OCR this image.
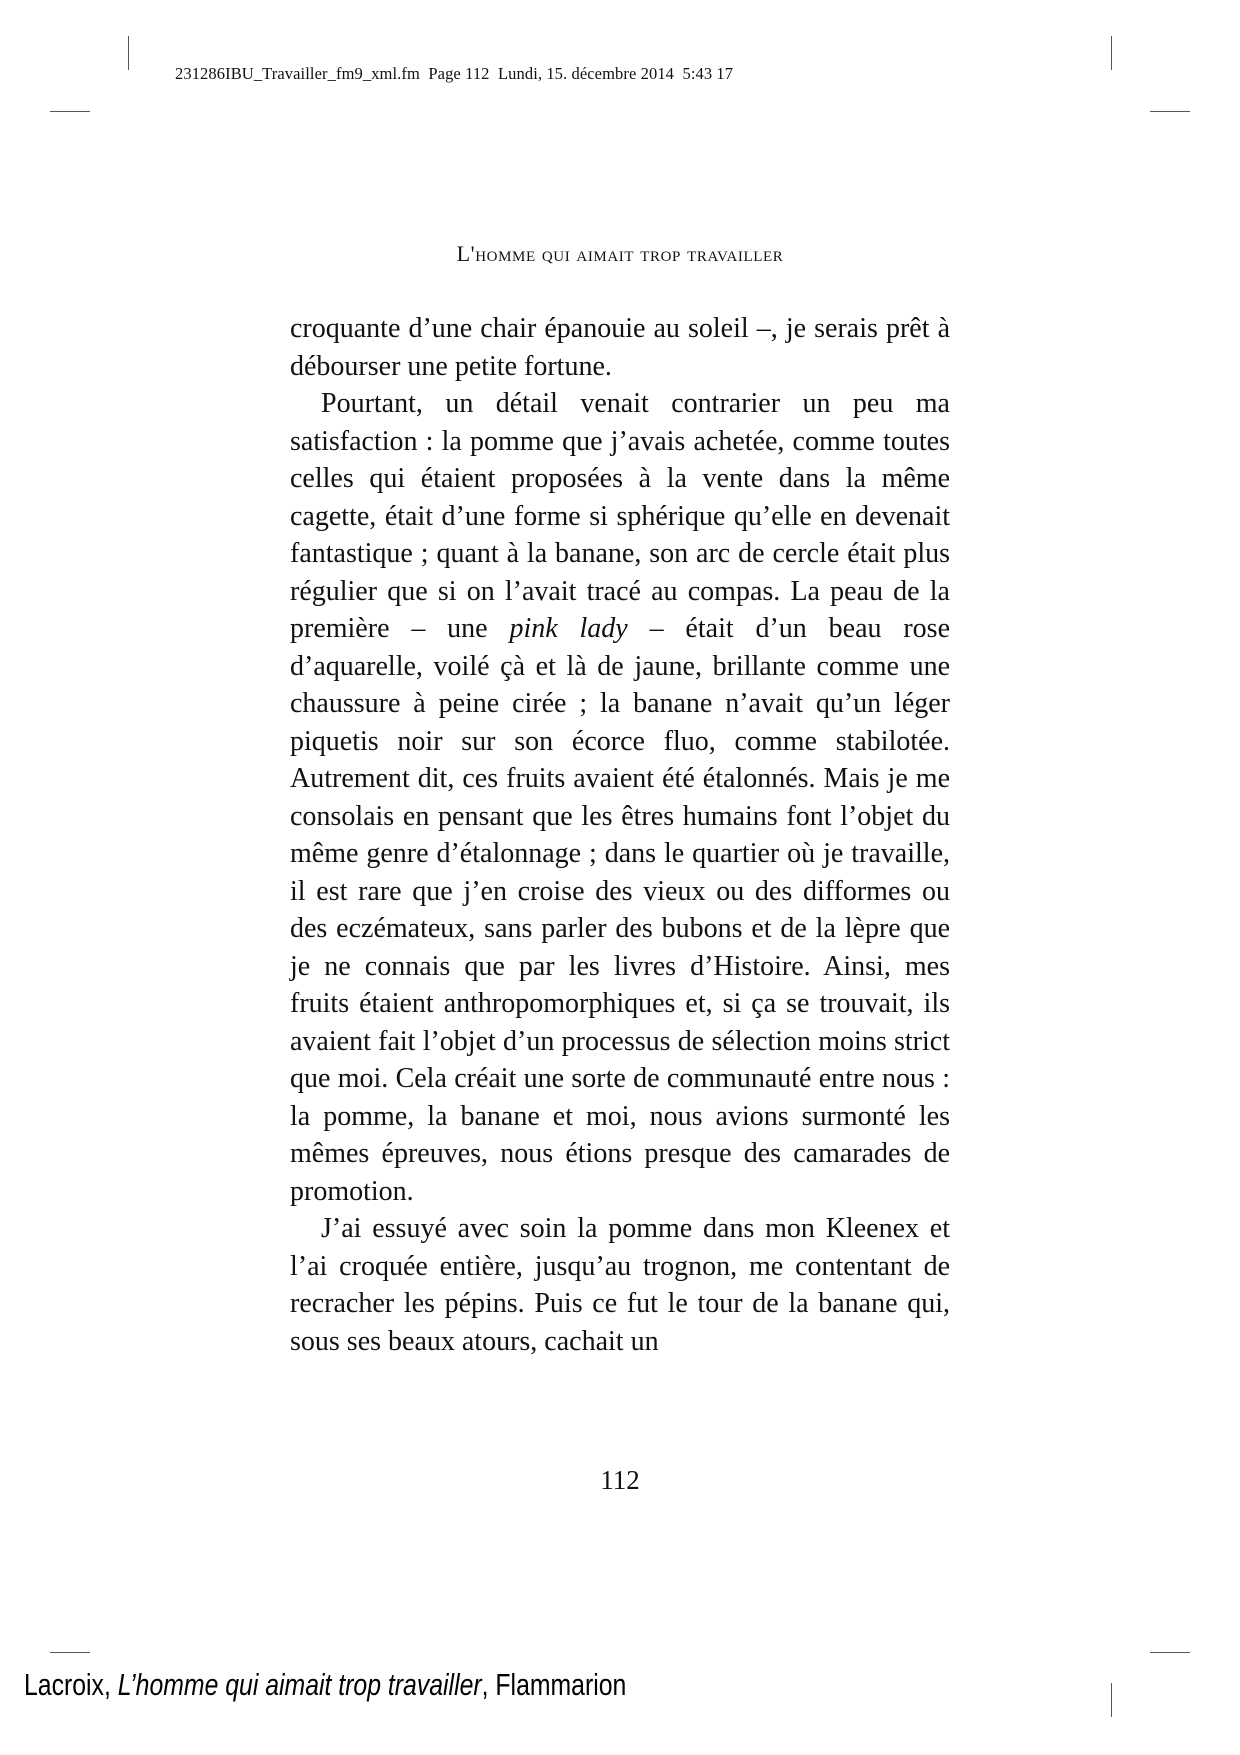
231286IBU_Travailler_fm9_xml.fm  Page 112  Lundi, 15. décembre 2014  5:43 17
L'homme qui aimait trop travailler

croquante d’une chair épanouie au soleil –, je serais prêt à débourser une petite fortune.

Pourtant, un détail venait contrarier un peu ma satisfaction : la pomme que j’avais achetée, comme toutes celles qui étaient proposées à la vente dans la même cagette, était d’une forme si sphérique qu’elle en devenait fantastique ; quant à la banane, son arc de cercle était plus régulier que si on l’avait tracé au compas. La peau de la première – une pink lady – était d’un beau rose d’aquarelle, voilé çà et là de jaune, brillante comme une chaussure à peine cirée ; la banane n’avait qu’un léger piquetis noir sur son écorce fluo, comme stabilotée. Autrement dit, ces fruits avaient été étalonnés. Mais je me consolais en pensant que les êtres humains font l’objet du même genre d’étalonnage ; dans le quartier où je travaille, il est rare que j’en croise des vieux ou des difformes ou des eczémateux, sans parler des bubons et de la lèpre que je ne connais que par les livres d’Histoire. Ainsi, mes fruits étaient anthropomorphiques et, si ça se trouvait, ils avaient fait l’objet d’un processus de sélection moins strict que moi. Cela créait une sorte de communauté entre nous : la pomme, la banane et moi, nous avions surmonté les mêmes épreuves, nous étions presque des camarades de promotion.

J’ai essuyé avec soin la pomme dans mon Kleenex et l’ai croquée entière, jusqu’au trognon, me contentant de recracher les pépins. Puis ce fut le tour de la banane qui, sous ses beaux atours, cachait un

112
Lacroix, L’homme qui aimait trop travailler, Flammarion
